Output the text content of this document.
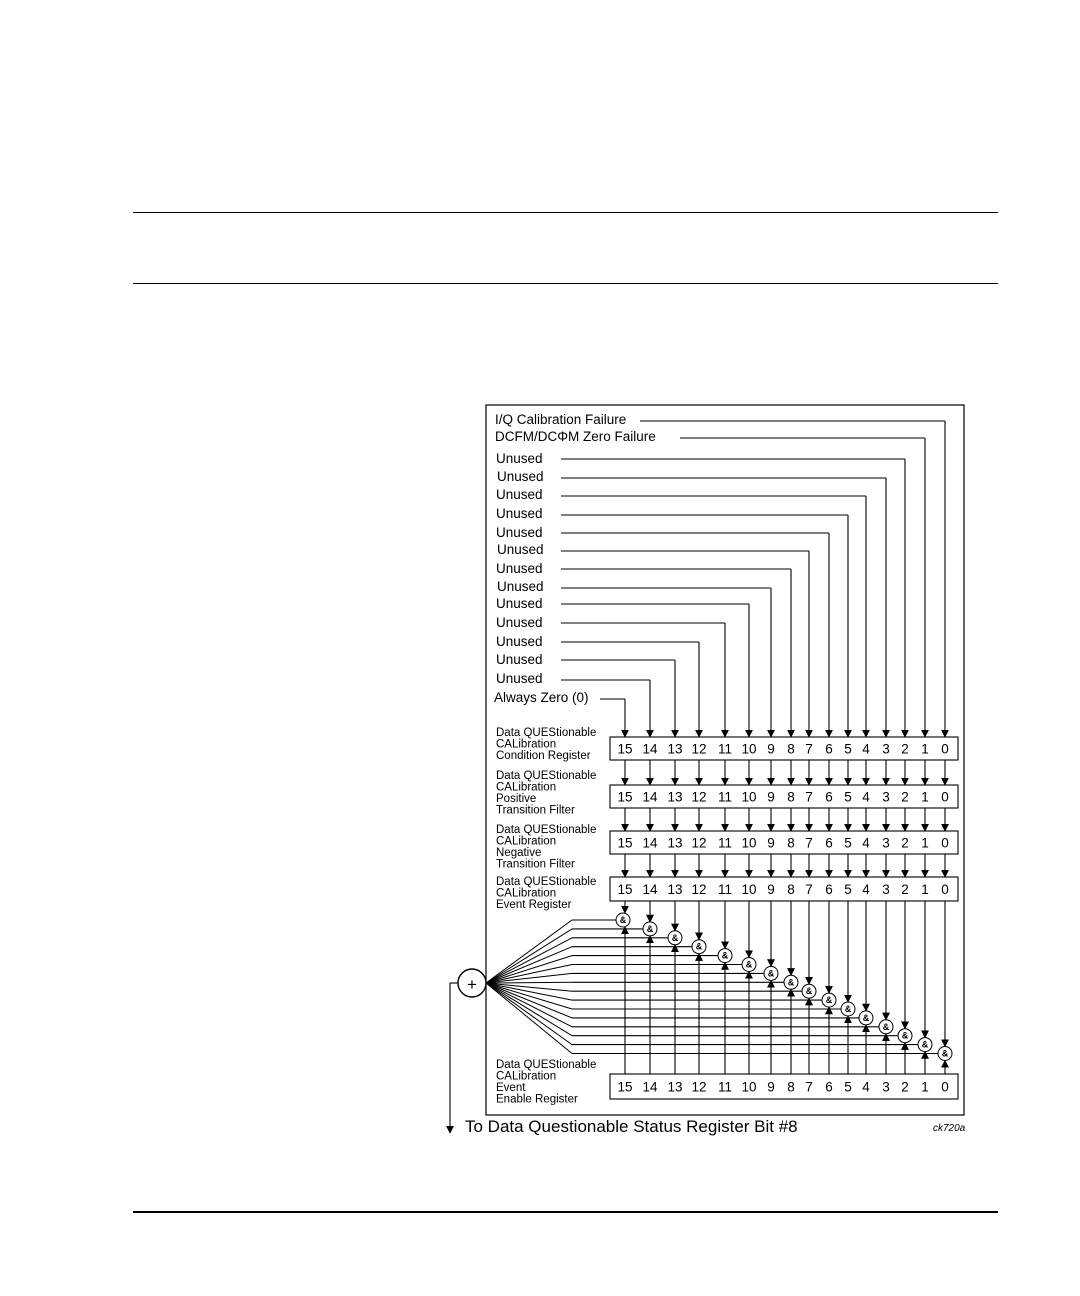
I/Q Calibration Failure
DCFM/DCΦM Zero Failure
Unused
Unused
Unused
Unused
Unused
Unused
Unused
Unused
Unused
Unused
Unused
Unused
Unused
Always Zero (0)
15 14 13 12 11 10 9 8 7 6 5 4 3 2 1 0
Data QUEStionable
CALibration
Condition Register
15 14 13 12 11 10 9 8 7 6 5 4 3 2 1 0
Data QUEStionable
CALibration
Positive
Transition Filter
15 14 13 12 11 10 9 8 7 6 5 4 3 2 1 0
Data QUEStionable
CALibration
Negative
Transition Filter
15 14 13 12 11 10 9 8 7 6 5 4 3 2 1 0
Data QUEStionable
CALibration
Event Register
15 14 13 12 11 10 9 8 7 6 5 4 3 2 1 0
Data QUEStionable
CALibration
Event
Enable Register
&
&
&
&
&
&
&
&
&
&
&
&
&
&
&
&
+
To Data Questionable Status Register Bit #8	ck720a
